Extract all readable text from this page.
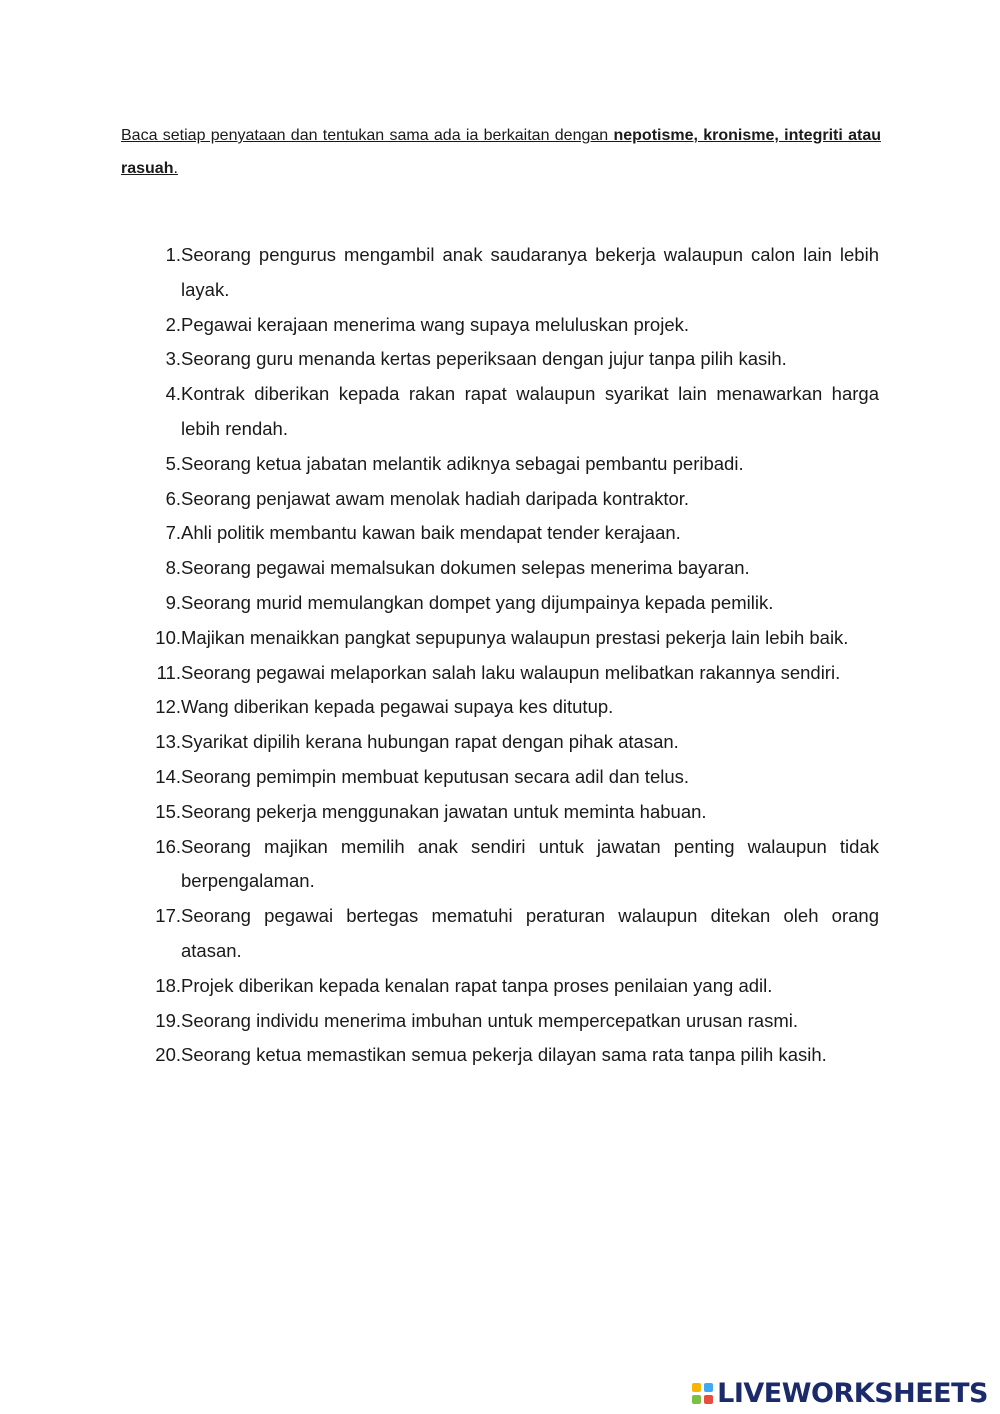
Baca setiap penyataan dan tentukan sama ada ia berkaitan dengan nepotisme, kronisme, integriti atau rasuah.
1. Seorang pengurus mengambil anak saudaranya bekerja walaupun calon lain lebih layak.
2. Pegawai kerajaan menerima wang supaya meluluskan projek.
3. Seorang guru menanda kertas peperiksaan dengan jujur tanpa pilih kasih.
4. Kontrak diberikan kepada rakan rapat walaupun syarikat lain menawarkan harga lebih rendah.
5. Seorang ketua jabatan melantik adiknya sebagai pembantu peribadi.
6. Seorang penjawat awam menolak hadiah daripada kontraktor.
7. Ahli politik membantu kawan baik mendapat tender kerajaan.
8. Seorang pegawai memalsukan dokumen selepas menerima bayaran.
9. Seorang murid memulangkan dompet yang dijumpainya kepada pemilik.
10. Majikan menaikkan pangkat sepupunya walaupun prestasi pekerja lain lebih baik.
11. Seorang pegawai melaporkan salah laku walaupun melibatkan rakannya sendiri.
12. Wang diberikan kepada pegawai supaya kes ditutup.
13. Syarikat dipilih kerana hubungan rapat dengan pihak atasan.
14. Seorang pemimpin membuat keputusan secara adil dan telus.
15. Seorang pekerja menggunakan jawatan untuk meminta habuan.
16. Seorang majikan memilih anak sendiri untuk jawatan penting walaupun tidak berpengalaman.
17. Seorang pegawai bertegas mematuhi peraturan walaupun ditekan oleh orang atasan.
18. Projek diberikan kepada kenalan rapat tanpa proses penilaian yang adil.
19. Seorang individu menerima imbuhan untuk mempercepatkan urusan rasmi.
20. Seorang ketua memastikan semua pekerja dilayan sama rata tanpa pilih kasih.
LIVEWORKSHEETS
